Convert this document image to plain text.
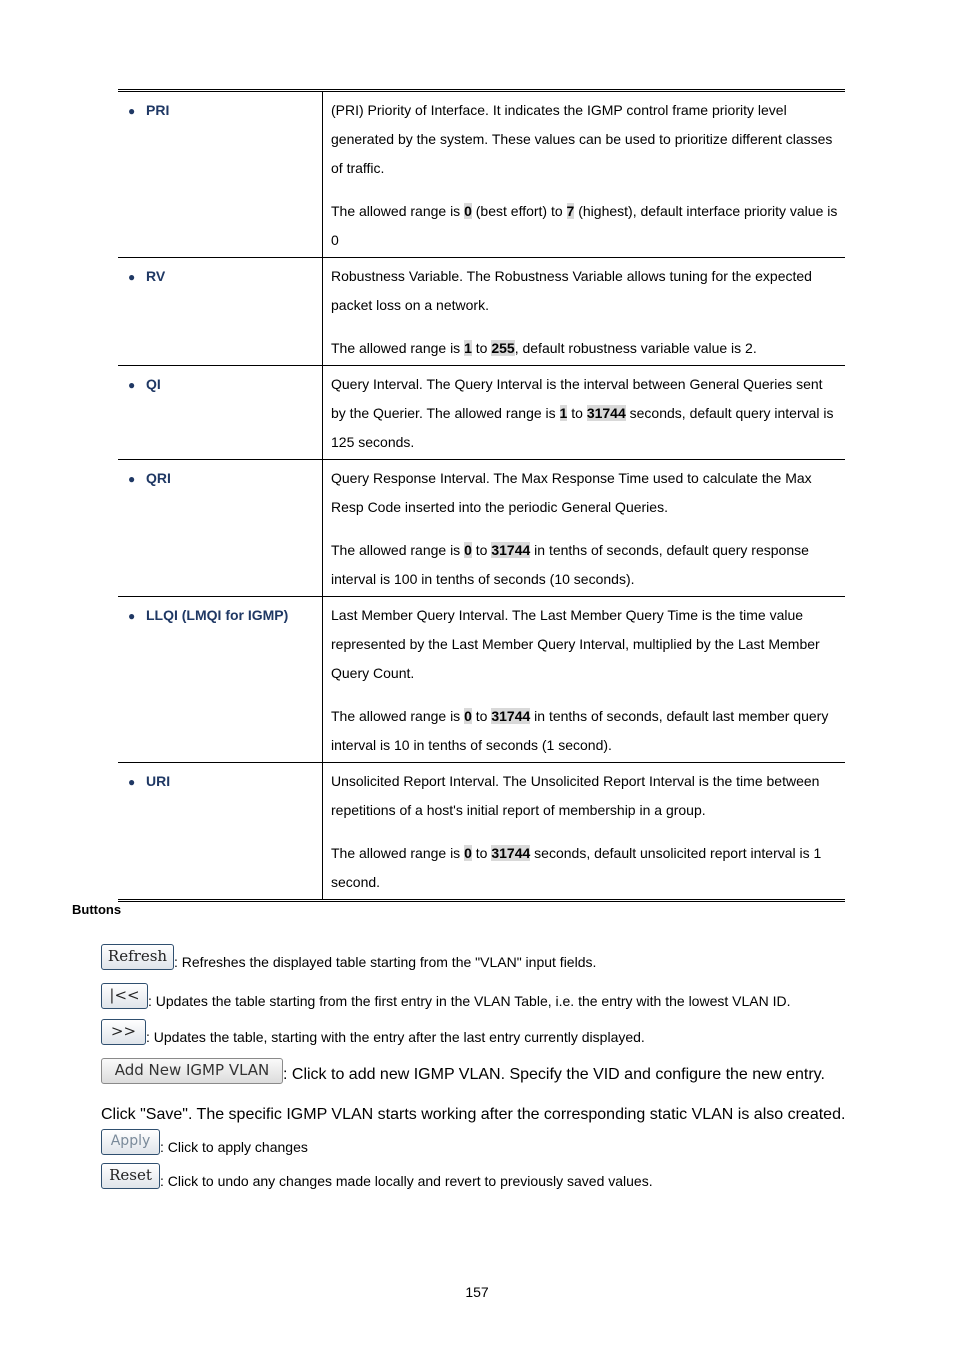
● PRI	(PRI) Priority of Interface. It indicates the IGMP control frame priority level generated by the system. These values can be used to prioritize different classes of traffic.

The allowed range is 0 (best effort) to 7 (highest), default interface priority value is 0

● RV	Robustness Variable. The Robustness Variable allows tuning for the expected packet loss on a network.

The allowed range is 1 to 255, default robustness variable value is 2.

● QI	Query Interval. The Query Interval is the interval between General Queries sent by the Querier. The allowed range is 1 to 31744 seconds, default query interval is 125 seconds.

● QRI	Query Response Interval. The Max Response Time used to calculate the Max Resp Code inserted into the periodic General Queries.

The allowed range is 0 to 31744 in tenths of seconds, default query response interval is 100 in tenths of seconds (10 seconds).

● LLQI (LMQI for IGMP)	Last Member Query Interval. The Last Member Query Time is the time value represented by the Last Member Query Interval, multiplied by the Last Member Query Count.

The allowed range is 0 to 31744 in tenths of seconds, default last member query interval is 10 in tenths of seconds (1 second).

● URI	Unsolicited Report Interval. The Unsolicited Report Interval is the time between repetitions of a host's initial report of membership in a group.

The allowed range is 0 to 31744 seconds, default unsolicited report interval is 1 second.

Buttons
Refresh : Refreshes the displayed table starting from the "VLAN" input fields.
|<< : Updates the table starting from the first entry in the VLAN Table, i.e. the entry with the lowest VLAN ID.
>> : Updates the table, starting with the entry after the last entry currently displayed.
Add New IGMP VLAN : Click to add new IGMP VLAN. Specify the VID and configure the new entry.
Click "Save". The specific IGMP VLAN starts working after the corresponding static VLAN is also created.
Apply : Click to apply changes
Reset : Click to undo any changes made locally and revert to previously saved values.
157
